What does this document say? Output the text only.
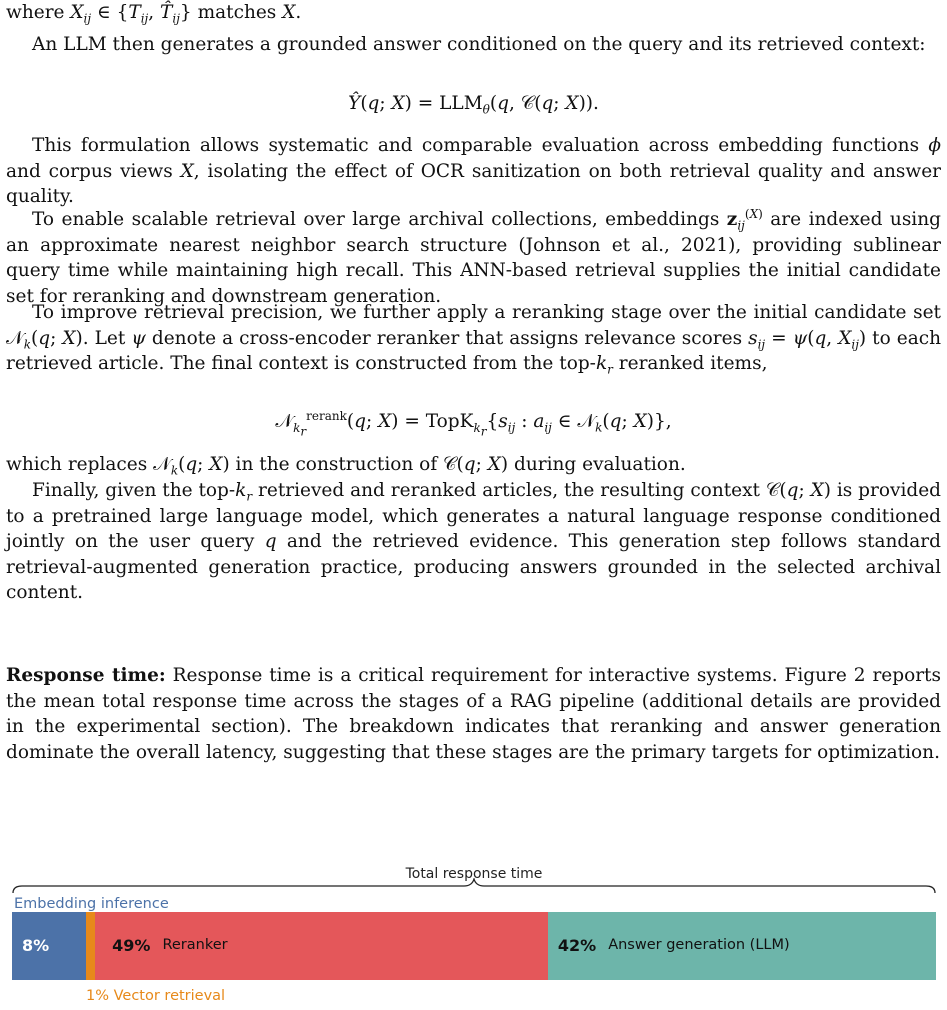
where $X_{ij}$ ∈ {$T_{ij}$, $T̂_{ij}$} matches X.

An LLM then generates a grounded answer conditioned on the query and its retrieved context:

Ŷ(q; $X) = LLM_\theta(q$, 𝒞(q; X)).

This formulation allows systematic and comparable evaluation across embedding functions ϕ and corpus views X, isolating the effect of OCR sanitization on both retrieval quality and answer quality.

To enable scalable retrieval over large archival collections, embeddings $z_{ij}^{(X)}$ are indexed using an approximate nearest neighbor search structure (Johnson et al., 2021), providing sublinear query time while maintaining high recall. This ANN-based retrieval supplies the initial candidate set for reranking and downstream generation.

To improve retrieval precision, we further apply a reranking stage over the initial candidate set 𝒩$_k$(q; X). Let ψ denote a cross-encoder reranker that assigns relevance scores $s_{ij} = \psi(q$, $X_{ij}$) to each retrieved article. The final context is constructed from the top-$k_r$ reranked items,

𝒩$_{k_r}^{rerank}$(q; $X) = TopK_{k_r}\{s_{ij}$ : $a_{ij}$ ∈ 𝒩$_k$(q; X)},

which replaces 𝒩$_k$(q; X) in the construction of 𝒞(q; X) during evaluation.

Finally, given the top-$k_r$ retrieved and reranked articles, the resulting context 𝒞(q; X) is provided to a pretrained large language model, which generates a natural language response conditioned jointly on the user query q and the retrieved evidence. This generation step follows standard retrieval-augmented generation practice, producing answers grounded in the selected archival content.

Response time: Response time is a critical requirement for interactive systems. Figure 2 reports the mean total response time across the stages of a RAG pipeline (additional details are provided in the experimental section). The breakdown indicates that reranking and answer generation dominate the overall latency, suggesting that these stages are the primary targets for optimization.

Total response time
Embedding inference
8%	49% Reranker	42% Answer generation (LLM)
1% Vector retrieval
